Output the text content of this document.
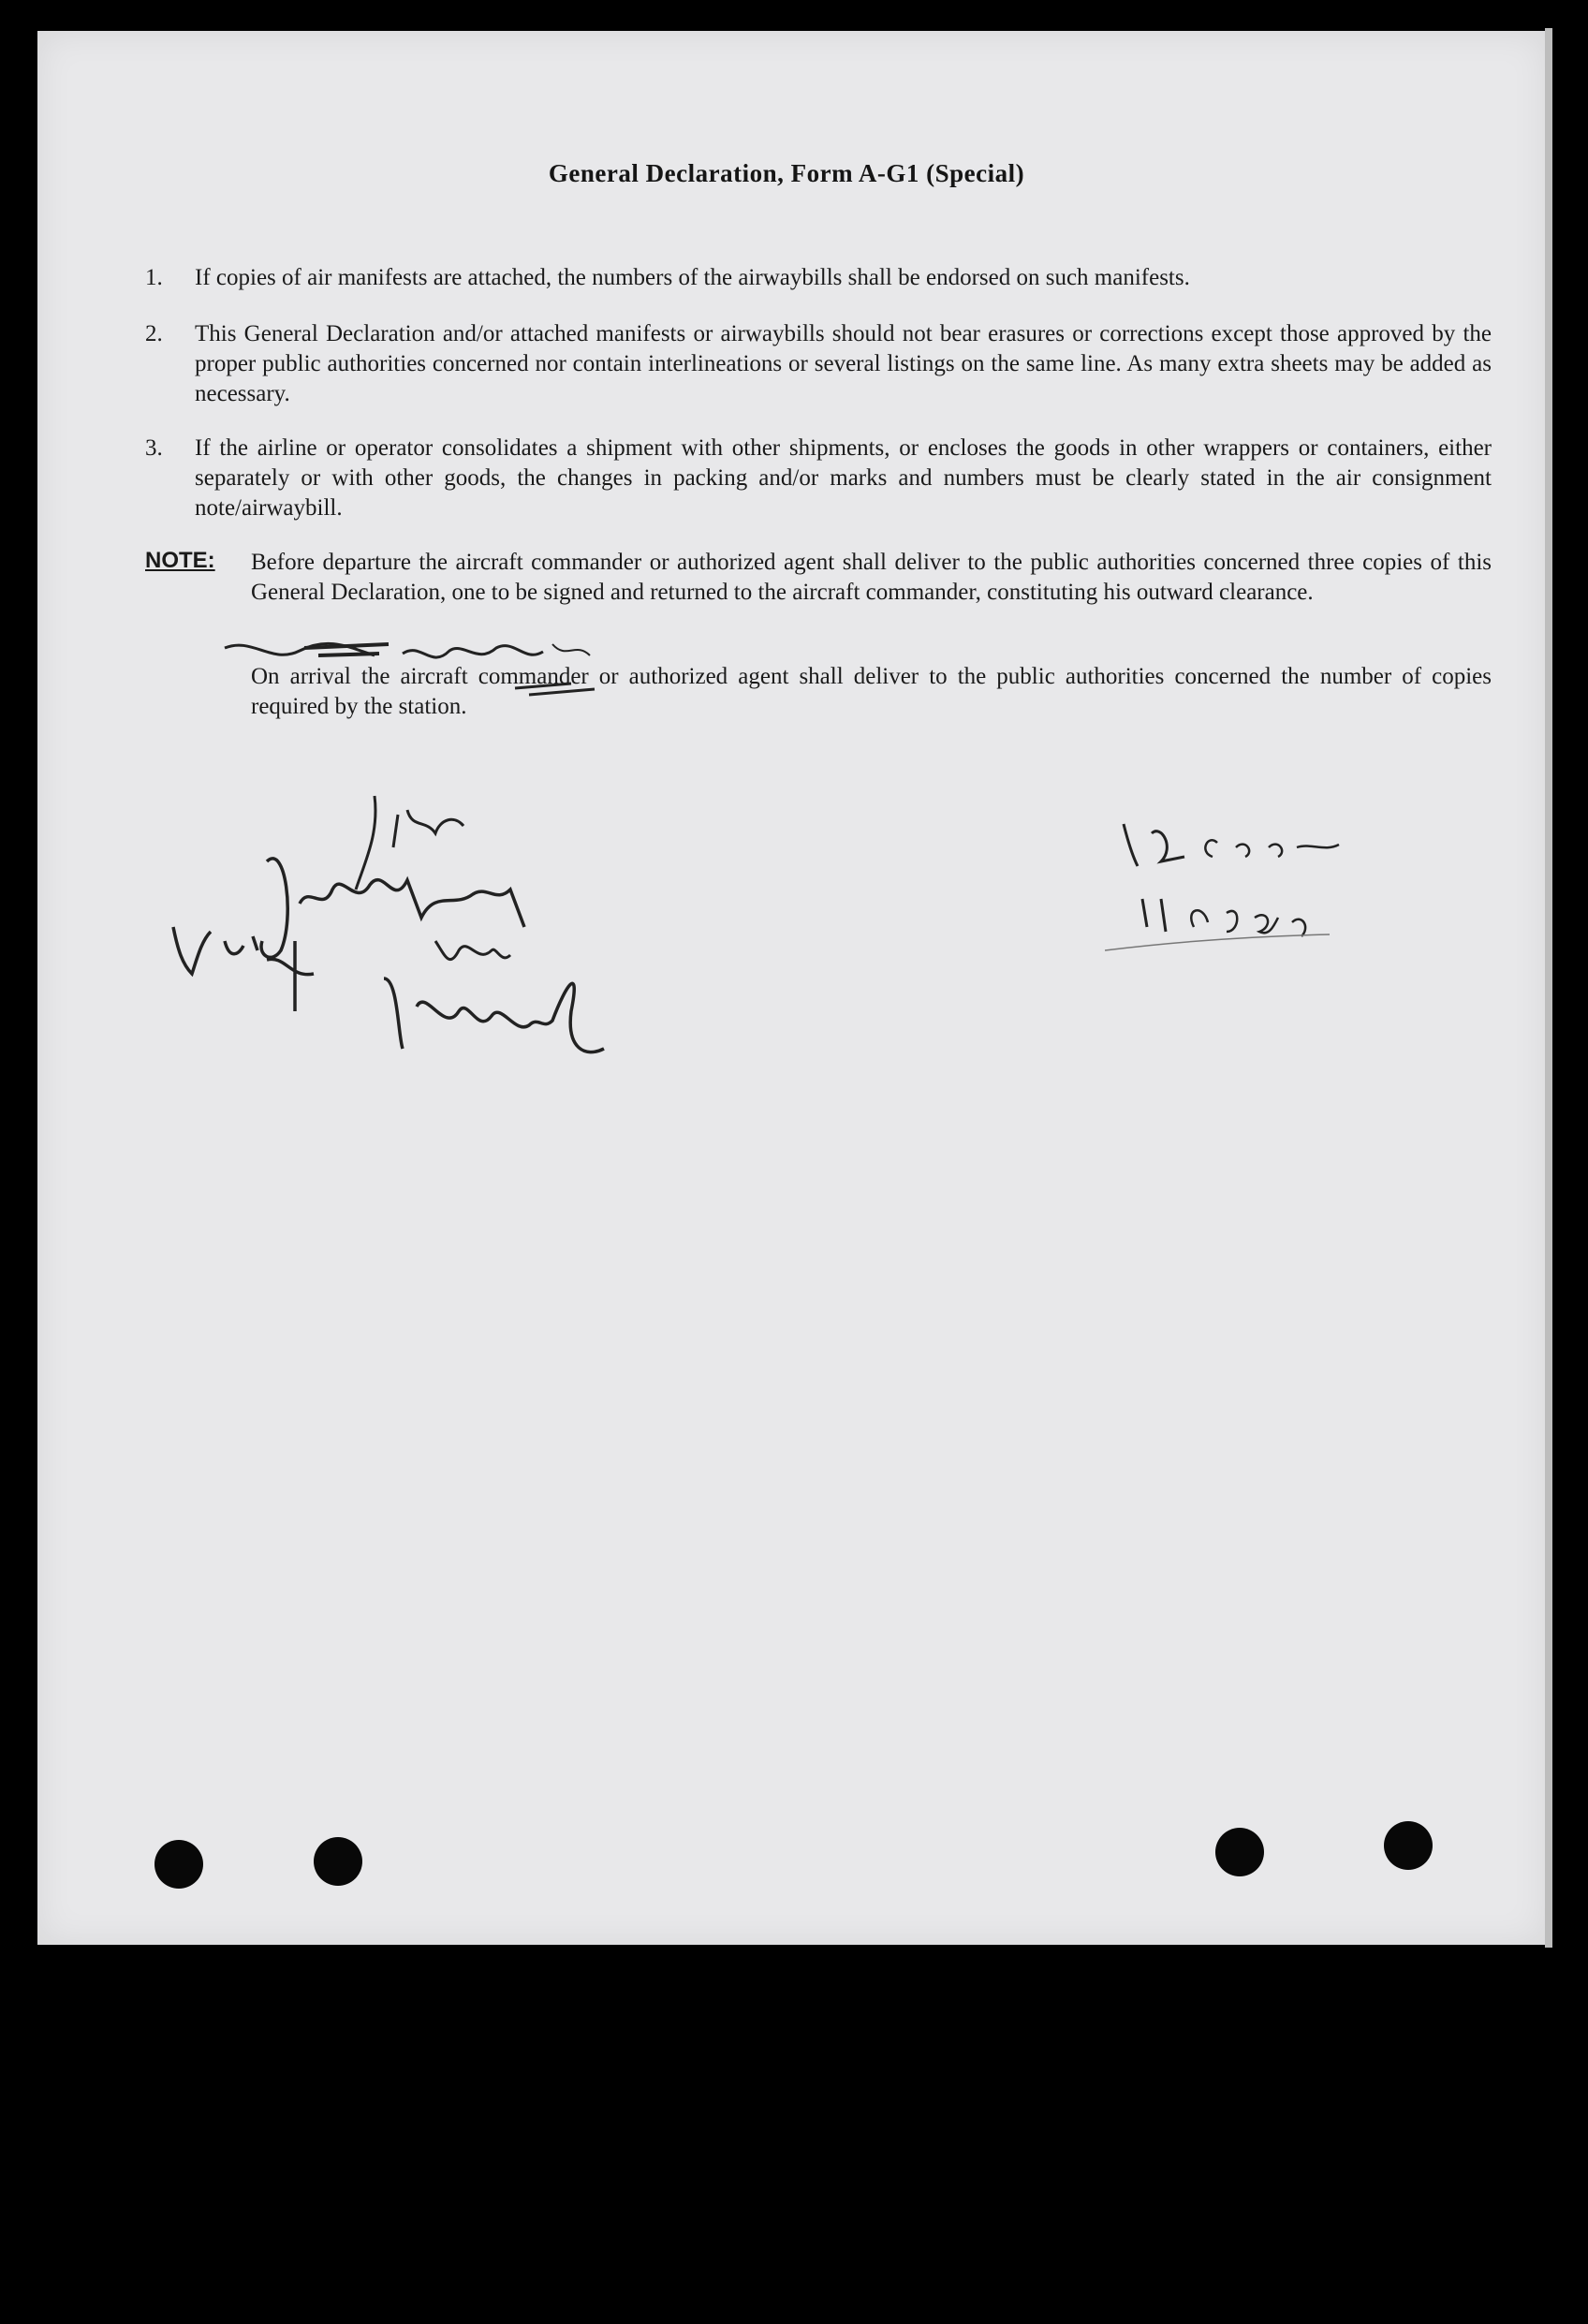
General Declaration, Form A-G1 (Special)
1. If copies of air manifests are attached, the numbers of the airwaybills shall be endorsed on such manifests.
2. This General Declaration and/or attached manifests or airwaybills should not bear erasures or corrections except those approved by the proper public authorities concerned nor contain interlineations or several listings on the same line. As many extra sheets may be added as necessary.
3. If the airline or operator consolidates a shipment with other shipments, or encloses the goods in other wrappers or containers, either separately or with other goods, the changes in packing and/or marks and numbers must be clearly stated in the air consignment note/airwaybill.
NOTE: Before departure the aircraft commander or authorized agent shall deliver to the public authorities concerned three copies of this General Declaration, one to be signed and returned to the aircraft commander, constituting his outward clearance.
On arrival the aircraft commander or authorized agent shall deliver to the public authorities concerned the number of copies required by the station.
